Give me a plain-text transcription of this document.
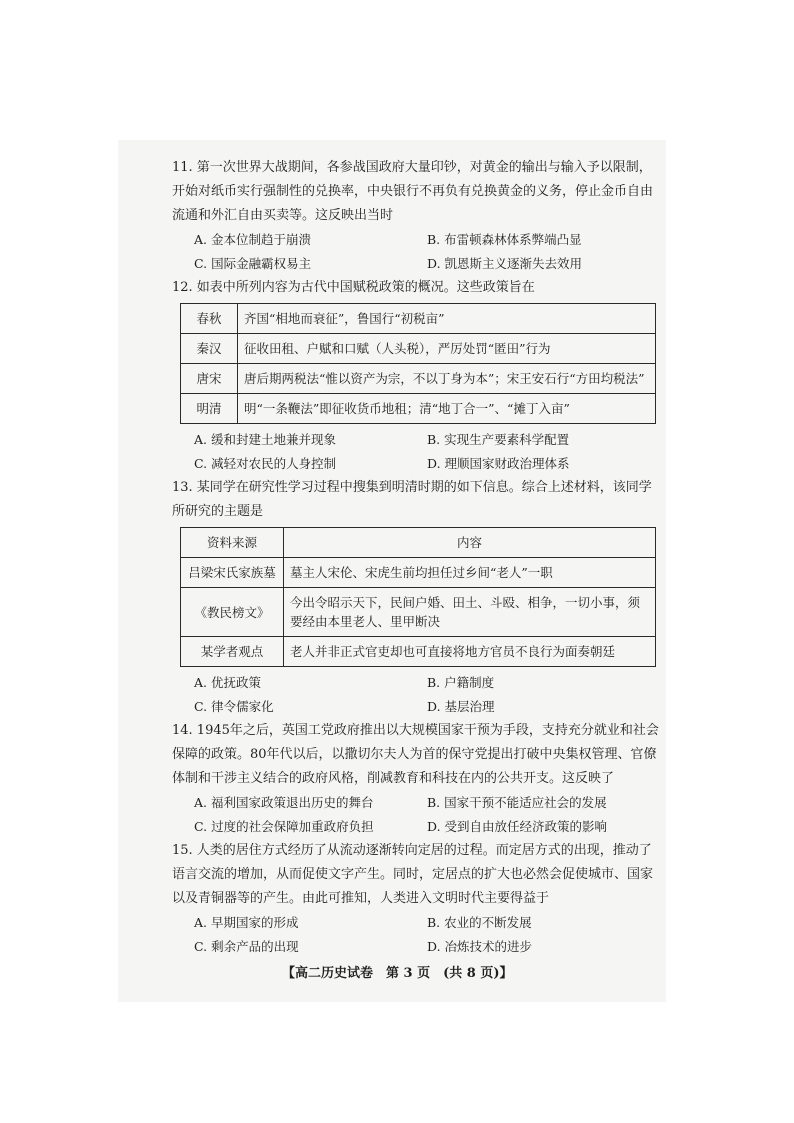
11. 第一次世界大战期间，各参战国政府大量印钞，对黄金的输出与输入予以限制，开始对纸币实行强制性的兑换率，中央银行不再负有兑换黄金的义务，停止金币自由流通和外汇自由买卖等。这反映出当时

A. 金本位制趋于崩溃	B. 布雷顿森林体系弊端凸显
C. 国际金融霸权易主	D. 凯恩斯主义逐渐失去效用

12. 如表中所列内容为古代中国赋税政策的概况。这些政策旨在

春秋	齐国“相地而衰征”，鲁国行“初税亩”
秦汉	征收田租、户赋和口赋（人头税），严厉处罚“匿田”行为
唐宋	唐后期两税法“惟以资产为宗，不以丁身为本”；宋王安石行“方田均税法”
明清	明“一条鞭法”即征收货币地租；清“地丁合一”、“摊丁入亩”
A. 缓和封建土地兼并现象	B. 实现生产要素科学配置
C. 减轻对农民的人身控制	D. 理顺国家财政治理体系

13. 某同学在研究性学习过程中搜集到明清时期的如下信息。综合上述材料，该同学所研究的主题是

资料来源	内容
吕梁宋氏家族墓	墓主人宋伦、宋虎生前均担任过乡间“老人”一职
《教民榜文》	今出令昭示天下，民间户婚、田土、斗殴、相争，一切小事，须要经由本里老人、里甲断决
某学者观点	老人并非正式官吏却也可直接将地方官员不良行为面奏朝廷
A. 优抚政策	B. 户籍制度
C. 律令儒家化	D. 基层治理

14. 1945年之后，英国工党政府推出以大规模国家干预为手段，支持充分就业和社会保障的政策。80年代以后，以撒切尔夫人为首的保守党提出打破中央集权管理、官僚体制和干涉主义结合的政府风格，削减教育和科技在内的公共开支。这反映了

A. 福利国家政策退出历史的舞台	B. 国家干预不能适应社会的发展
C. 过度的社会保障加重政府负担	D. 受到自由放任经济政策的影响

15. 人类的居住方式经历了从流动逐渐转向定居的过程。而定居方式的出现，推动了语言交流的增加，从而促使文字产生。同时，定居点的扩大也必然会促使城市、国家以及青铜器等的产生。由此可推知，人类进入文明时代主要得益于

A. 早期国家的形成	B. 农业的不断发展
C. 剩余产品的出现	D. 冶炼技术的进步
【高二历史试卷　第 3 页　(共 8 页)】
